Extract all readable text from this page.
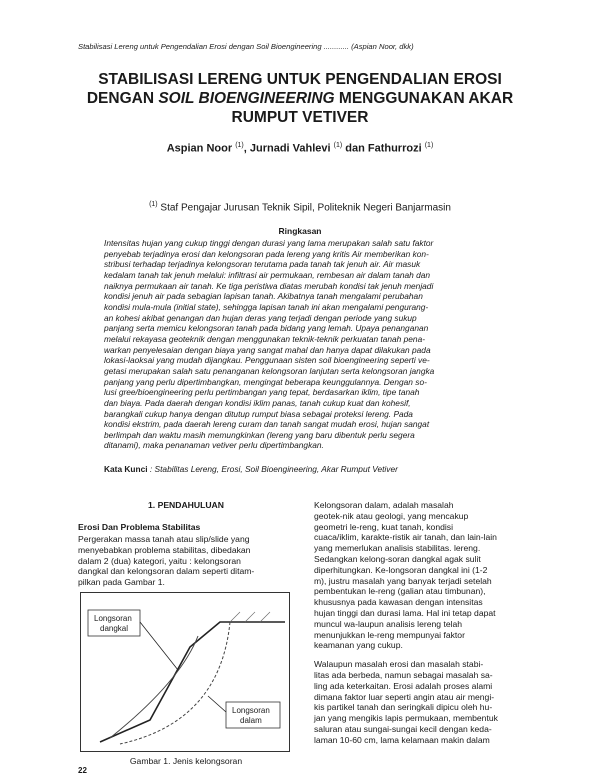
Stabilisasi Lereng untuk Pengendalian Erosi dengan Soil Bioengineering ............ (Aspian Noor, dkk)
STABILISASI LERENG UNTUK PENGENDALIAN EROSI
DENGAN SOIL BIOENGINEERING MENGGUNAKAN AKAR
RUMPUT VETIVER
Aspian Noor $^{(1)}$, Jurnadi Vahlevi $^{(1)}$ dan Fathurrozi $^{(1)}$
$^{(1)}$ Staf Pengajar Jurusan Teknik Sipil, Politeknik Negeri Banjarmasin
Ringkasan
Intensitas hujan yang cukup tinggi dengan durasi yang lama merupakan salah satu faktor
penyebab terjadinya erosi dan kelongsoran pada lereng yang kritis Air memberikan kon-
stribusi terhadap terjadinya kelongsoran terutama pada tanah tak jenuh air. Air masuk
kedalam tanah tak jenuh melalui: infiltrasi air permukaan, rembesan air dalam tanah dan
naiknya permukaan air tanah. Ke tiga peristiwa diatas merubah kondisi tak jenuh menjadi
kondisi jenuh air pada sebagian lapisan tanah. Akibatnya tanah mengalami perubahan
kondisi mula-mula (initial state), sehingga lapisan tanah ini akan mengalami pengurang-
an kohesi akibat genangan dan hujan deras yang terjadi dengan periode yang sukup
panjang serta memicu kelongsoran tanah pada bidang yang lemah. Upaya penanganan
melalui rekayasa geoteknik dengan menggunakan teknik-teknik perkuatan tanah pena-
warkan penyelesaian dengan biaya yang sangat mahal dan hanya dapat dilakukan pada
lokasi-laoksai yang mudah dijangkau. Penggunaan sisten soil bioengineering seperti ve-
getasi merupakan salah satu penanganan kelongsoran lanjutan serta kelongsoran jangka
panjang yang perlu dipertimbangkan, mengingat beberapa keunggulannya. Dengan so-
lusi gree/bioengineering perlu pertimbangan yang tepat, berdasarkan iklim, tipe tanah
dan biaya. Pada daerah dengan kondisi iklim panas, tanah cukup kuat dan kohesif,
barangkali cukup hanya dengan ditutup rumput biasa sebagai proteksi lereng. Pada
kondisi ekstrim, pada daerah lereng curam dan tanah sangat mudah erosi, hujan sangat
berlimpah dan waktu masih memungkinkan (lereng yang baru dibentuk perlu segera
ditanami), maka penanaman vetiver perlu dipertimbangkan.
Kata Kunci : Stabilitas Lereng, Erosi, Soil Bioengineering, Akar Rumput Vetiver
1. PENDAHULUAN
Erosi Dan Problema Stabilitas
Pergerakan massa tanah atau slip/slide yang
menyebabkan problema stabilitas, dibedakan
dalam 2 (dua) kategori, yaitu : kelongsoran
dangkal dan kelongsoran dalam seperti ditam-
pilkan pada Gambar 1.
Longsoran
dangkal
Longsoran
dalam
Gambar 1. Jenis kelongsoran
Kelongsoran dalam, adalah masalah
geotek-nik atau geologi, yang mencakup
geometri le-reng, kuat tanah, kondisi
cuaca/iklim, karakte-ristik air tanah, dan lain-lain
yang memerlukan analisis stabilitas. lereng.
Sedangkan kelong-soran dangkal agak sulit
diperhitungkan. Ke-longsoran dangkal ini (1-2
m), justru masalah yang banyak terjadi setelah
pembentukan le-reng (galian atau timbunan),
khususnya pada kawasan dengan intensitas
hujan tinggi dan durasi lama. Hal ini tetap dapat
muncul wa-laupun analisis lereng telah
menunjukkan le-reng mempunyai faktor
keamanan yang cukup.
Walaupun masalah erosi dan masalah stabi-
litas ada berbeda, namun sebagai masalah sa-
ling ada keterkaitan. Erosi adalah proses alami
dimana faktor luar seperti angin atau air mengi-
kis partikel tanah dan seringkali dipicu oleh hu-
jan yang mengikis lapis permukaan, membentuk
saluran atau sungai-sungai kecil dengan keda-
laman 10-60 cm, lama kelamaan makin dalam
22
